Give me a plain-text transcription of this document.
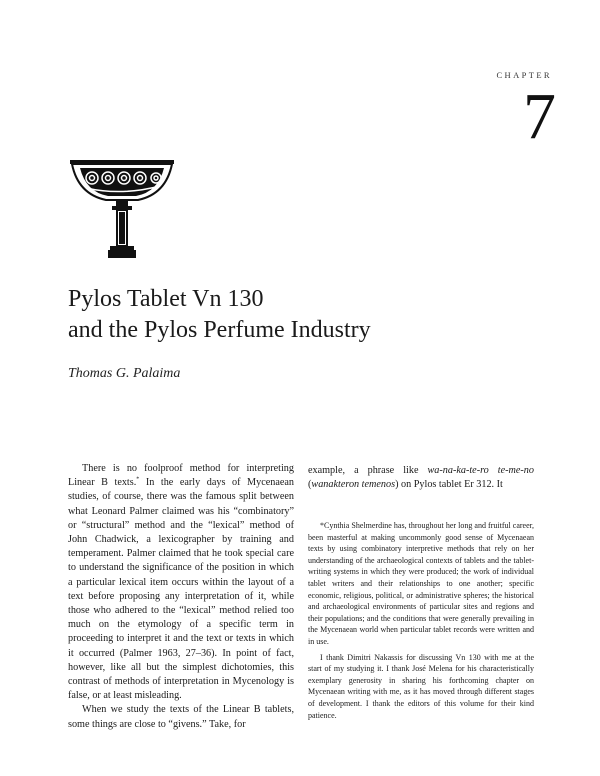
CHAPTER
7
Pylos Tablet Vn 130
and the Pylos Perfume Industry
Thomas G. Palaima

There is no foolproof method for interpreting Linear B texts.* In the early days of Mycenaean studies, of course, there was the famous split between what Leonard Palmer claimed was his “combinatory” or “structural” method and the “lexical” method of John Chadwick, a lexicographer by training and temperament. Palmer claimed that he took special care to understand the significance of the position in which a particular lexical item occurs within the layout of a text before proposing any interpretation of it, while those who adhered to the “lexical” method relied too much on the etymology of a specific term in proceeding to interpret it and the text or texts in which it occurred (Palmer 1963, 27–36). In point of fact, however, like all but the simplest dichotomies, this contrast of methods of interpretation in Mycenology is false, or at least misleading.

When we study the texts of the Linear B tablets, some things are close to “givens.” Take, for

example, a phrase like wa-na-ka-te-ro te-me-no (wanakteron temenos) on Pylos tablet Er 312. It

*Cynthia Shelmerdine has, throughout her long and fruitful career, been masterful at making uncommonly good sense of Mycenaean texts by using combinatory interpretive methods that rely on her understanding of the archaeological contexts of tablets and the tablet-writing systems in which they were produced; the work of individual tablet writers and their relationships to one another; specific economic, religious, political, or administrative spheres; the historical and archaeological environments of particular sites and regions and their populations; and the conditions that were generally prevailing in the Mycenaean world when particular tablet records were written and in use.

I thank Dimitri Nakassis for discussing Vn 130 with me at the start of my studying it. I thank José Melena for his characteristically exemplary generosity in sharing his forthcoming chapter on Mycenaean writing with me, as it has moved through different stages of development. I thank the editors of this volume for their kind patience.
